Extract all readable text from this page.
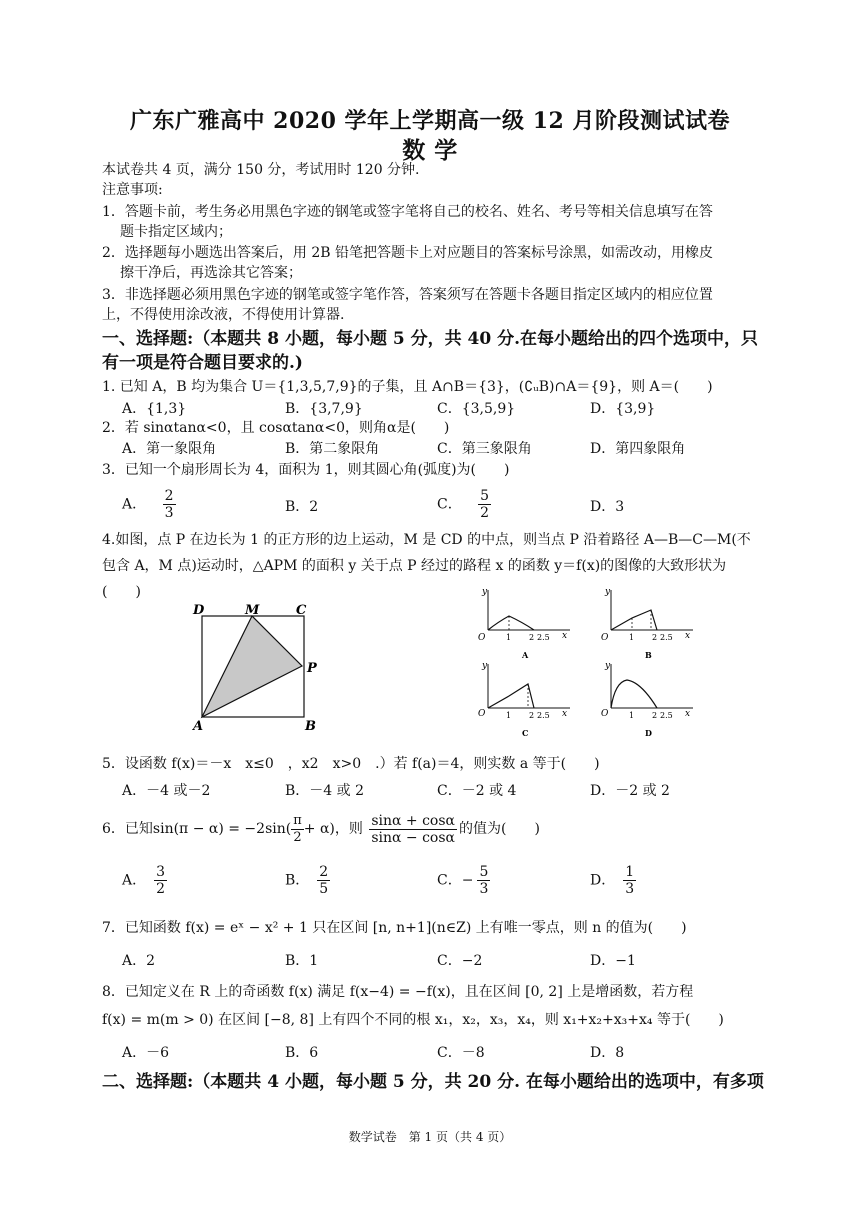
广东广雅高中 2020 学年上学期高一级 12 月阶段测试试卷
数 学
本试卷共 4 页，满分 150 分，考试用时 120 分钟.
注意事项:
1．答题卡前，考生务必用黑色字迹的钢笔或签字笔将自己的校名、姓名、考号等相关信息填写在答
题卡指定区域内；
2．选择题每小题选出答案后，用 2B 铅笔把答题卡上对应题目的答案标号涂黑，如需改动，用橡皮
擦干净后，再选涂其它答案；
3．非选择题必须用黑色字迹的钢笔或签字笔作答，答案须写在答题卡各题目指定区域内的相应位置
上，不得使用涂改液，不得使用计算器.
一、选择题:（本题共 8 小题，每小题 5 分，共 40 分.在每小题给出的四个选项中，只
有一项是符合题目要求的.)
1. 已知 A，B 均为集合 U＝{1,3,5,7,9}的子集，且 A∩B＝{3}，(∁ᵤB)∩A＝{9}，则 A＝(　　)
A．{1,3}	B．{3,7,9}	C．{3,5,9}	D．{3,9}
2．若 sinαtanα<0，且 cosαtanα<0，则角α是(　　)
A．第一象限角	B．第二象限角	C．第三象限角	D．第四象限角
3．已知一个扇形周长为 4，面积为 1，则其圆心角(弧度)为(　　)
A． $\frac{2}{3}$	B．2	C． $\frac{5}{2}$	D．3
4.如图，点 P 在边长为 1 的正方形的边上运动，M 是 CD 的中点，则当点 P 沿着路径 A—B—C—M(不
包含 A，M 点)运动时，△APM 的面积 y 关于点 P 经过的路程 x 的函数 y＝f(x)的图像的大致形状为
(　　)
D	M	C
P
A	B
y
x
O	1 2 2.5
A
y
x
O	1 2 2.5
B
y
x
O	1 2 2.5
C
y
x
O	1 2 2.5
D
5．设函数 f(x)＝－x　x≤0　，x2　x>0　.）若 f(a)＝4，则实数 a 等于(　　)
A．－4 或－2	B．－4 或 2	C．－2 或 4	D．－2 或 2
6．已知$\sin(\pi - \alpha) = -2\sin( \frac{\pi}{2} + \alpha)$，则 $\frac{\sin\alpha + \cos\alpha}{\sin\alpha - \cos\alpha}$ 的值为(　　)
A． $\frac{3}{2}$	B． $\frac{2}{5}$	C．− $\frac{5}{3}$	D． $\frac{1}{3}$
7．已知函数 f(x) = eˣ − x² + 1 只在区间 [n, n+1](n∈Z) 上有唯一零点，则 n 的值为(　　)
A．2	B．1	C．−2	D．−1
8．已知定义在 R 上的奇函数 f(x) 满足 f(x−4) = −f(x)，且在区间 [0, 2] 上是增函数，若方程
f(x) = m(m > 0) 在区间 [−8, 8] 上有四个不同的根 x₁，x₂，x₃，x₄，则 x₁+x₂+x₃+x₄ 等于(　　)
A．－6	B．6	C．－8	D．8
二、选择题:（本题共 4 小题，每小题 5 分，共 20 分. 在每小题给出的选项中，有多项
数学试卷　第 1 页（共 4 页）
